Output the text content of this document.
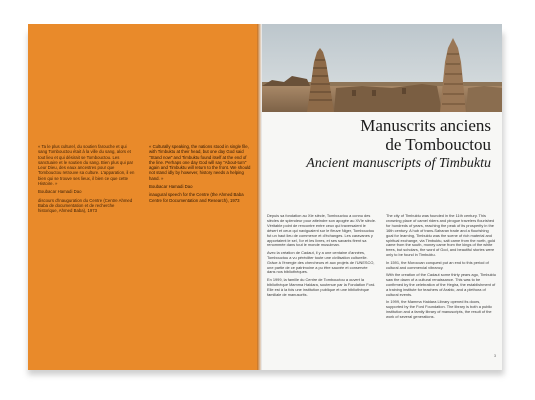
« Ta le plus culturel, du soutien farouche et qui sang Tombouctou était à la ville du sang, alors et tout lieu et qui désirait se Tombouctou. Les sanctuaire et le soutien du sang. Bien plus qui par Leur Dieu, des eaux ancestres pour que Tombouctou retrouve sa culture. L'apparation, il en bien qui se trouve ses lieux, il bien ce que cette Histoire. »

Boubacar Hamadi Dao

discours d'inauguration du Centre (Centre Ahmed Baba de documentation et de recherche historique, Ahmed Baba), 1973

« Culturally speaking, the nations stood in single file, with Timbuktu at their head, but one day God said "Stand now" and Timbuktu found itself at the end of the line. Perhaps one day God will say "About-turn" again and Timbuktu will return to the front. We should not stand idly by however, history needs a helping hand. »

Boubacar Hamadi Dao

inaugural speech for the Centre (the Ahmed Baba Centre for Documentation and Research), 1973

Manuscrits anciens
de Tombouctou
Ancient manuscripts of Timbuktu

Depuis sa fondation au XIe siècle, Tombouctou a connu des siècles de splendeur pour atteindre son apogée au XVIe siècle. Véritable point de rencontre entre ceux qui traversaient le désert et ceux qui naviguaient sur le fleuve Niger, Tombouctou fut un haut lieu de commerce et d'échanges. Les caravanes y apportaient le sel, l'or et les livres, et ses savants firent sa renommée dans tout le monde musulman.

Avec la création de Cadaut, il y a une centaine d'années, Tombouctou a vu pérécliter toute une civilisation culturelle. Grâce à l'énergie des chercheurs et aux projets de l'UNESCO, une partie de ce patrimoine a pu être sauvée et conservée dans nos bibliothèques.

En 1999, la famille du Centre de Tombouctou a ouvert la bibliothèque Mamma Haidara, soutenue par la Fondation Ford. Elle est à la fois une institution publique et une bibliothèque familiale de manuscrits.

The city of Timbuktu was founded in the 11th century. This crowning place of camel riders and pirogue travelers flourished for hundreds of years, reaching the peak of its prosperity in the 16th century. A hub of trans-Saharan trade and a flourishing goal for learning, Timbuktu was the scene of rich material and spiritual exchange, via Timbuktu, salt came from the north, gold came from the south, money came from the kings of the white trees, but scholars, the word of God, and beautiful stories were only to be found in Timbuktu.

In 1591, the Moroccan conquest put an end to this period of cultural and commercial vibrancy.

With the creation of the Cadaut some thirty years ago, Timbuktu saw the dawn of a cultural renaissance. This was to be confirmed by the celebration of the Hegira, the establishment of a training institute for teachers of Arabic, and a plethora of cultural events.

In 1999, the Mamma Haidara Library opened its doors, supported by the Ford Foundation. The library is both a public institution and a family library of manuscripts, the result of the work of several generations.

3
